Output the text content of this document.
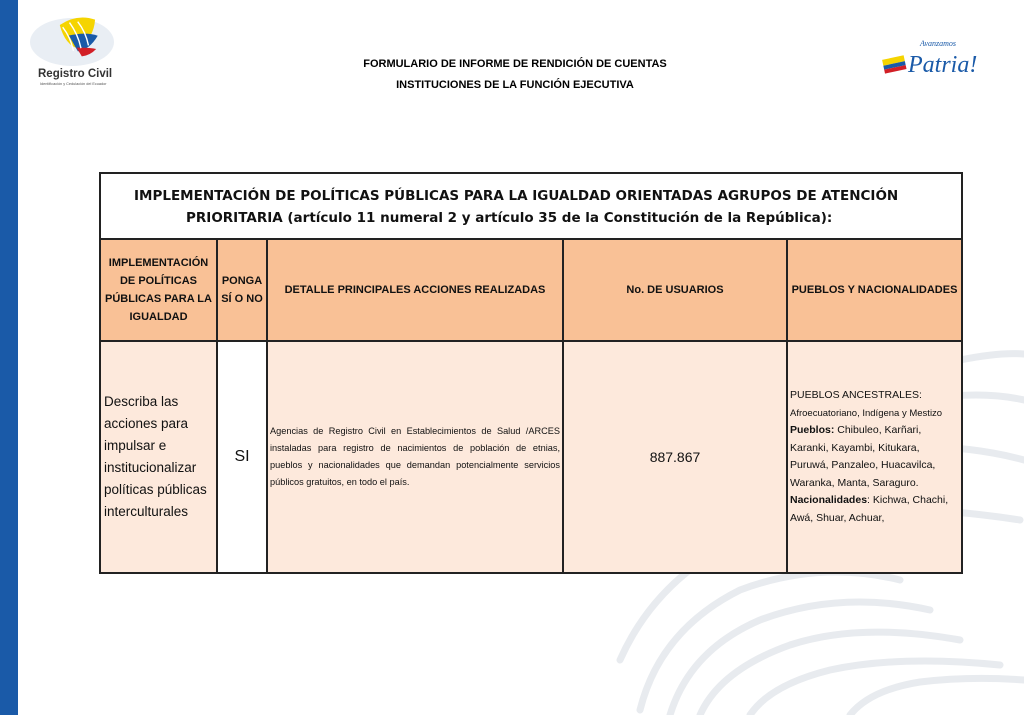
Registro Civil
Identificación y Cedulación del Ecuador
FORMULARIO DE INFORME DE RENDICIÓN DE CUENTAS
INSTITUCIONES DE LA FUNCIÓN EJECUTIVA
Avanzamos
Patria!
IMPLEMENTACIÓN DE POLÍTICAS PÚBLICAS PARA LA IGUALDAD ORIENTADAS AGRUPOS DE ATENCIÓN
PRIORITARIA (artículo 11 numeral 2 y artículo 35 de la Constitución de la República):
IMPLEMENTACIÓN DE POLÍTICAS PÚBLICAS PARA LA IGUALDAD
PONGA SÍ O NO
DETALLE PRINCIPALES ACCIONES REALIZADAS	No. DE USUARIOS	PUEBLOS Y NACIONALIDADES
Describa las acciones para impulsar e institucionalizar políticas públicas interculturales
SI
Agencias de Registro Civil en Establecimientos de Salud /ARCES instaladas para registro de nacimientos de población de etnias, pueblos y nacionalidades que demandan potencialmente servicios públicos gratuitos, en todo el país.
887.867
PUEBLOS ANCESTRALES:
Afroecuatoriano, Indígena y Mestizo
Pueblos: Chibuleo, Karñari, Karanki, Kayambi, Kitukara, Puruwá, Panzaleo, Huacavilca, Waranka, Manta, Saraguro.
Nacionalidades: Kichwa, Chachi, Awá, Shuar, Achuar,
